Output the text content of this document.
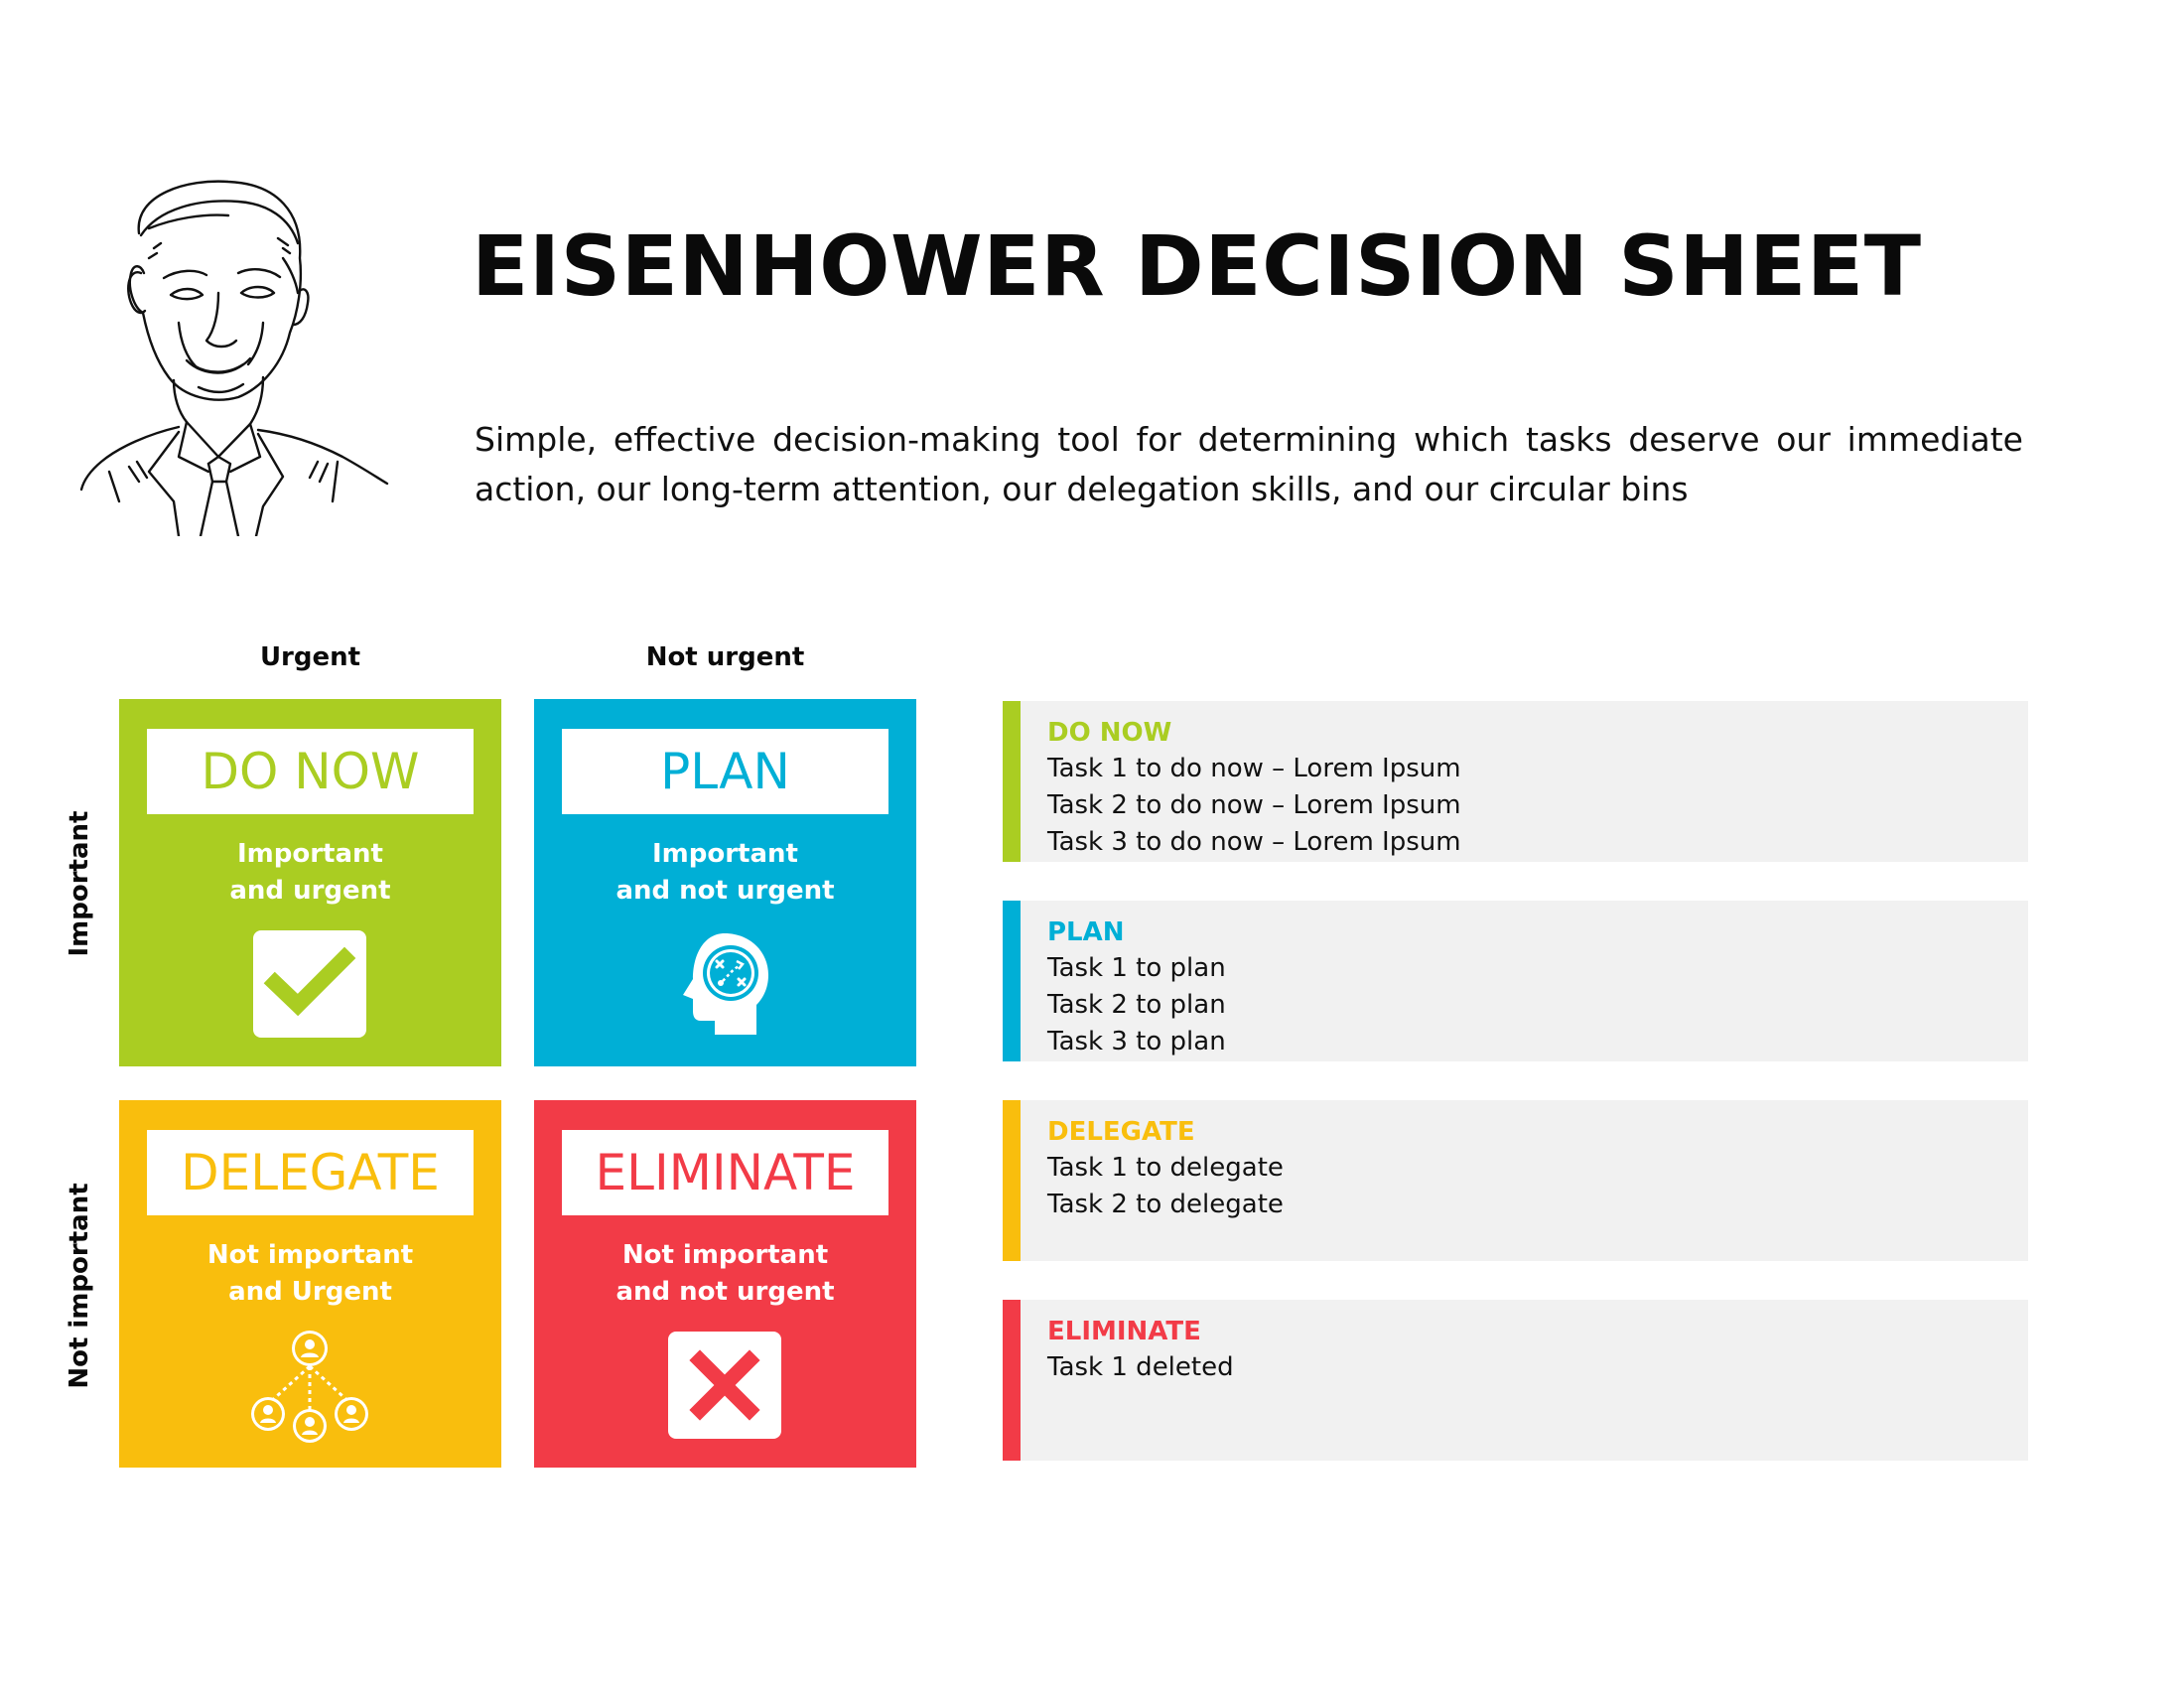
EISENHOWER DECISION SHEET
Simple, effective decision-making tool for determining which tasks deserve our immediate action, our long-term attention, our delegation skills, and our circular bins
Urgent	Not urgent
Important
Not important
DO NOW
Important
and urgent
PLAN
Important
and not urgent
DELEGATE
Not important
and Urgent
ELIMINATE
Not important
and not urgent
DO NOW
Task 1 to do now – Lorem Ipsum
Task 2 to do now – Lorem Ipsum
Task 3 to do now – Lorem Ipsum
PLAN
Task 1 to plan
Task 2 to plan
Task 3 to plan
DELEGATE
Task 1 to delegate
Task 2 to delegate
ELIMINATE
Task 1 deleted
